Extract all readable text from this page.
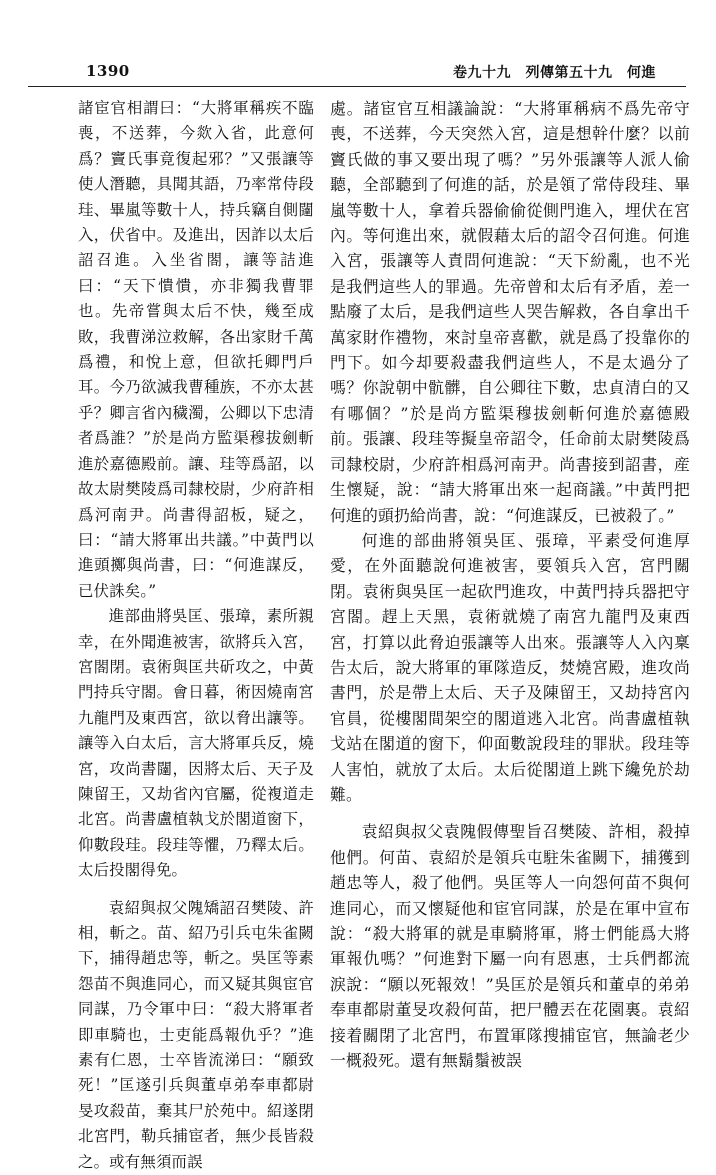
1390	卷九十九　列傳第五十九　何進

諸宦官相謂曰：“大將軍稱疾不臨喪，不送葬，今欻入省，此意何爲？竇氏事竟復起邪？”又張讓等使人潛聽，具聞其語，乃率常侍段珪、畢嵐等數十人，持兵竊自側闥入，伏省中。及進出，因詐以太后詔召進。入坐省閤，讓等詰進曰：“天下憒憒，亦非獨我曹罪也。先帝嘗與太后不快，幾至成敗，我曹涕泣救解，各出家財千萬爲禮，和悅上意，但欲托卿門戶耳。今乃欲滅我曹種族，不亦太甚乎？卿言省內穢濁，公卿以下忠清者爲誰？”於是尚方監渠穆拔劍斬進於嘉德殿前。讓、珪等爲詔，以故太尉樊陵爲司隸校尉，少府許相爲河南尹。尚書得詔板，疑之，曰：“請大將軍出共議。”中黃門以進頭擲與尚書，曰：“何進謀反，已伏誅矣。”

進部曲將吳匡、張璋，素所親幸，在外聞進被害，欲將兵入宮，宮閤閉。袁術與匡共斫攻之，中黃門持兵守閤。會日暮，術因燒南宮九龍門及東西宮，欲以脅出讓等。讓等入白太后，言大將軍兵反，燒宮，攻尚書闥，因將太后、天子及陳留王，又劫省內官屬，從複道走北宮。尚書盧植執戈於閣道窗下，仰數段珪。段珪等懼，乃釋太后。太后投閣得免。

袁紹與叔父隗矯詔召樊陵、許相，斬之。苗、紹乃引兵屯朱雀闕下，捕得趙忠等，斬之。吳匡等素怨苗不與進同心，而又疑其與宦官同謀，乃令軍中曰：“殺大將軍者即車騎也，士吏能爲報仇乎？”進素有仁恩，士卒皆流涕曰：“願致死！”匡遂引兵與董卓弟奉車都尉旻攻殺苗，棄其尸於苑中。紹遂閉北宮門，勒兵捕宦者，無少長皆殺之。或有無須而誤

處。諸宦官互相議論說：“大將軍稱病不爲先帝守喪，不送葬，今天突然入宮，這是想幹什麼？以前竇氏做的事又要出現了嗎？”另外張讓等人派人偷聽，全部聽到了何進的話，於是領了常侍段珪、畢嵐等數十人，拿着兵器偷偷從側門進入，埋伏在宮內。等何進出來，就假藉太后的詔令召何進。何進入宮，張讓等人責問何進說：“天下紛亂，也不光是我們這些人的罪過。先帝曾和太后有矛盾，差一點廢了太后，是我們這些人哭告解救，各自拿出千萬家財作禮物，來討皇帝喜歡，就是爲了投靠你的門下。如今却要殺盡我們這些人，不是太過分了嗎？你說朝中骯髒，自公卿往下數，忠貞清白的又有哪個？”於是尚方監渠穆拔劍斬何進於嘉德殿前。張讓、段珪等擬皇帝詔令，任命前太尉樊陵爲司隸校尉，少府許相爲河南尹。尚書接到詔書，産生懷疑，說：“請大將軍出來一起商議。”中黃門把何進的頭扔給尚書，說：“何進謀反，已被殺了。”

何進的部曲將領吳匡、張璋，平素受何進厚愛，在外面聽說何進被害，要領兵入宮，宮門關閉。袁術與吳匡一起砍門進攻，中黃門持兵器把守宮閤。趕上天黑，袁術就燒了南宮九龍門及東西宮，打算以此脅迫張讓等人出來。張讓等人入內稟告太后，說大將軍的軍隊造反，焚燒宮殿，進攻尚書門，於是帶上太后、天子及陳留王，又劫持宮內官員，從樓閣間架空的閣道逃入北宮。尚書盧植執戈站在閣道的窗下，仰面數說段珪的罪狀。段珪等人害怕，就放了太后。太后從閣道上跳下纔免於劫難。

袁紹與叔父袁隗假傳聖旨召樊陵、許相，殺掉他們。何苗、袁紹於是領兵屯駐朱雀闕下，捕獲到趙忠等人，殺了他們。吳匡等人一向怨何苗不與何進同心，而又懷疑他和宦官同謀，於是在軍中宣布說：“殺大將軍的就是車騎將軍，將士們能爲大將軍報仇嗎？”何進對下屬一向有恩惠，士兵們都流淚說：“願以死報效！”吳匡於是領兵和董卓的弟弟奉車都尉董旻攻殺何苗，把尸體丟在花園裏。袁紹接着關閉了北宮門，布置軍隊搜捕宦官，無論老少一概殺死。還有無鬍鬚被誤
